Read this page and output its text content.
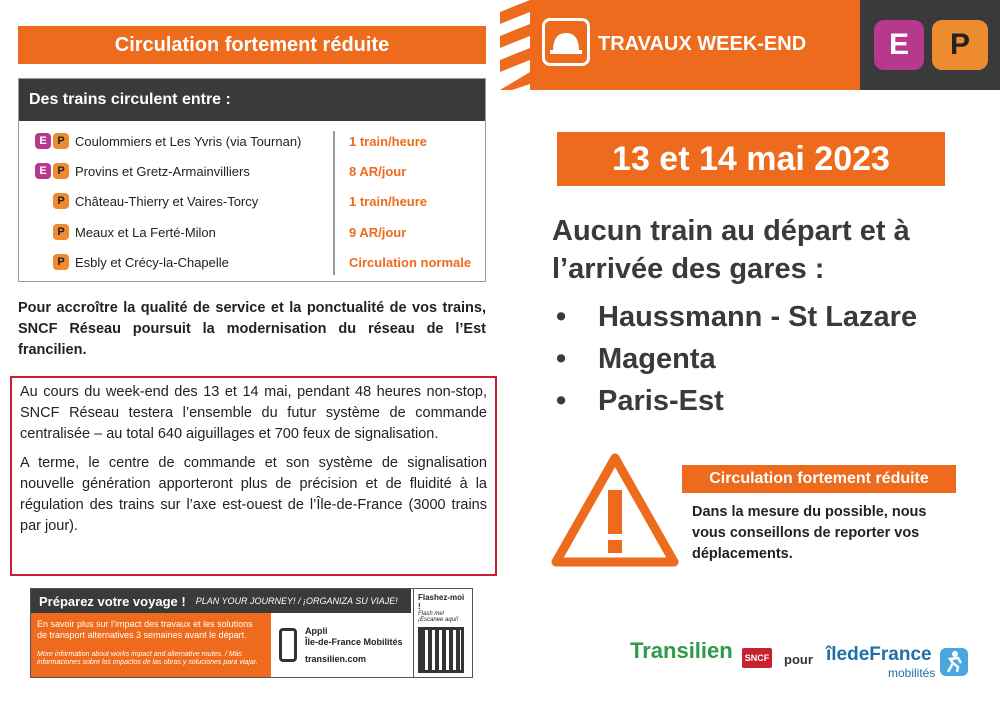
Circulation fortement réduite
Des trains circulent entre :
E P Coulommiers et Les Yvris (via Tournan)	1 train/heure
E P Provins et Gretz-Armainvilliers	8 AR/jour
P Château-Thierry et Vaires-Torcy	1 train/heure
P Meaux et La Ferté-Milon	9 AR/jour
P Esbly et Crécy-la-Chapelle	Circulation normale
Pour accroître la qualité de service et la ponctualité de vos trains, SNCF Réseau poursuit la modernisation du réseau de l’Est francilien.

Au cours du week-end des 13 et 14 mai, pendant 48 heures non-stop, SNCF Réseau testera l’ensemble du futur système de commande centralisée – au total 640 aiguillages et 700 feux de signalisation.

A terme, le centre de commande et son système de signalisation nouvelle génération apporteront plus de précision et de fluidité à la régulation des trains sur l’axe est-ouest de l’Île-de-France (3000 trains par jour).

Préparez votre voyage ! PLAN YOUR JOURNEY! / ¡ORGANIZA SU VIAJE!
En savoir plus sur l’impact des travaux et les solutions de transport alternatives 3 semaines avant le départ.
More information about works impact and alternative routes. / Más informaciones sobre los impactos de las obras y soluciones para viajar.
Appli
Île-de-France Mobilités
transilien.com
Flashez-moi !
Flash me!
¡Escanee aquí!
TRAVAUX WEEK-END	E	P
13 et 14 mai 2023
Aucun train au départ et à l’arrivée des gares :
• Haussmann - St Lazare
• Magenta
• Paris-Est
Circulation fortement réduite
Dans la mesure du possible, nous vous conseillons de reporter vos déplacements.
Transilien	SNCF pour îledeFrance
mobilités
